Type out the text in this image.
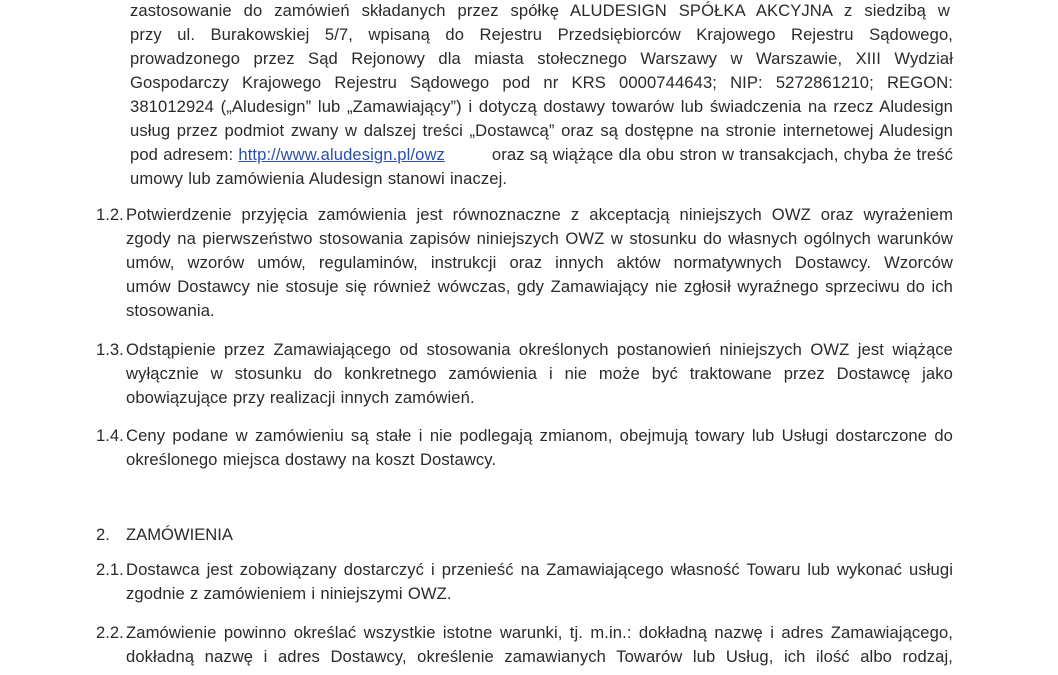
zastosowanie do zamówień składanych przez spółkę ALUDESIGN SPÓŁKA AKCYJNA z siedzibą w
przy ul. Burakowskiej 5/7, wpisaną do Rejestru Przedsiębiorców Krajowego Rejestru Sądowego,
prowadzonego przez Sąd Rejonowy dla miasta stołecznego Warszawy w Warszawie, XIII Wydział
Gospodarczy Krajowego Rejestru Sądowego pod nr KRS 0000744643; NIP: 5272861210; REGON:
381012924 („Aludesign” lub „Zamawiający”) i dotyczą dostawy towarów lub świadczenia na rzecz Aludesign
usług przez podmiot zwany w dalszej treści „Dostawcą” oraz są dostępne na stronie internetowej Aludesign
pod adresem: http://www.aludesign.pl/owz	oraz są wiążące dla obu stron w transakcjach, chyba że treść
umowy lub zamówienia Aludesign stanowi inaczej.
1.2. Potwierdzenie przyjęcia zamówienia jest równoznaczne z akceptacją niniejszych OWZ oraz wyrażeniem
zgody na pierwszeństwo stosowania zapisów niniejszych OWZ w stosunku do własnych ogólnych warunków
umów, wzorów umów, regulaminów, instrukcji oraz innych aktów normatywnych Dostawcy. Wzorców
umów Dostawcy nie stosuje się również wówczas, gdy Zamawiający nie zgłosił wyraźnego sprzeciwu do ich
stosowania.
1.3. Odstąpienie przez Zamawiającego od stosowania określonych postanowień niniejszych OWZ jest wiążące
wyłącznie w stosunku do konkretnego zamówienia i nie może być traktowane przez Dostawcę jako
obowiązujące przy realizacji innych zamówień.
1.4. Ceny podane w zamówieniu są stałe i nie podlegają zmianom, obejmują towary lub Usługi dostarczone do
określonego miejsca dostawy na koszt Dostawcy.
2. ZAMÓWIENIA
2.1. Dostawca jest zobowiązany dostarczyć i przenieść na Zamawiającego własność Towaru lub wykonać usługi
zgodnie z zamówieniem i niniejszymi OWZ.
2.2. Zamówienie powinno określać wszystkie istotne warunki, tj. m.in.: dokładną nazwę i adres Zamawiającego,
dokładną nazwę i adres Dostawcy, określenie zamawianych Towarów lub Usług, ich ilość albo rodzaj,
